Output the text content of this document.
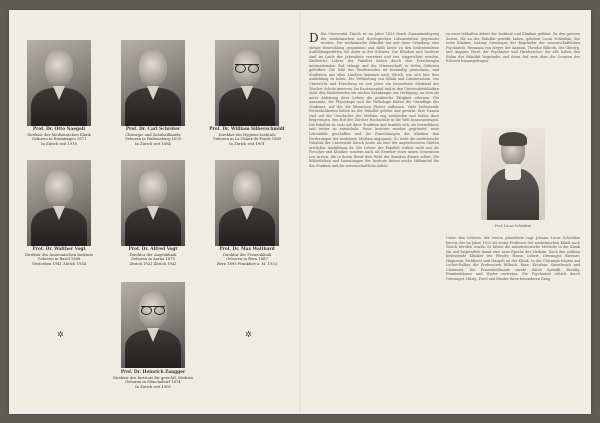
Prof. Dr. Otto Naegeli
Direktor der Medizinischen Klinik
Geboren in Ermatingen 1871
In Zürich seit 1918
Prof. Dr. Carl Schröter
Chirurgie und Zahnheilkunde
Geboren in Waltensburg 1855
In Zürich seit 1884
Prof. Dr. William Silberschmidt
Direktor des Hygiene-Instituts
Geboren in La Chaux-de-Fonds 1869
In Zürich seit 1901
Prof. Dr. Walther Vogt
Direktor der Anatomischen Instituts
Geboren in Basel 1888
Gestorben 1941 Zürich 1934
Prof. Dr. Alfred Vogt
Direktor der Augenklinik
Geboren in Aarau 1879
Zürich 1923 Zürich 1943
Prof. Dr. Max Walthard
Direktor der Frauenklinik
Geboren in Bern 1867
Bern 1895 Frankfurt a. M. 1933
✲
Prof. Dr. Heinrich Zangger
Direktor des Instituts für gerichtl. Medizin
Geboren in Mönchaltorf 1874
In Zürich seit 1905
✲
D Die Universität Zürich ist im Jahre 1833 durch Zusammenlegung der medizinischen und theologischen Lehranstalten gegründet worden. Die medizinische Fakultät hat seit ihrer Gründung eine stetige Entwicklung genommen und zählt heute zu den bedeutendsten Ausbildungsstätten für Ärzte in der Schweiz. Die Kliniken und Institute sind im Laufe der Jahrzehnte erweitert und neu eingerichtet worden. Zahlreiche Lehrer der Fakultät haben durch ihre Forschungen internationalen Ruf erlangt und die Wissenschaft in vielen Gebieten gefördert. Die Zahl der Studierenden ist beständig gewachsen, und Studenten aus allen Ländern kommen nach Zürich, um sich hier ihre Ausbildung zu holen. Die Verbindung von Klinik und Laboratorium, von Unterricht und Forschung ist seit jeher ein besonderes Merkmal der Zürcher Schule gewesen. Im Kantonsspital und in den Universitätskliniken steht den Studierenden ein reiches Krankengut zur Verfügung, an dem sie unter Anleitung ihrer Lehrer die praktische Tätigkeit erlernen. Die Anatomie, die Physiologie und die Pathologie bilden die Grundlage des Studiums, auf der die klinischen Fächer aufbauen. Viele bedeutende Persönlichkeiten haben an der Fakultät gelehrt und gewirkt. Ihre Namen sind mit der Geschichte der Medizin eng verbunden und haben dazu beigetragen, den Ruf der Zürcher Hochschule in die Welt hinauszutragen. Die Fakultät ist stolz auf diese Tradition und bemüht sich, sie fortzuführen und weiter zu entwickeln. Neue Institute wurden gegründet, neue Lehrstühle geschaffen und die Einrichtungen der Kliniken den Forderungen der modernen Medizin angepasst. So steht die medizinische Fakultät der Universität Zürich heute als eine der angesehensten Stätten ärztlicher Ausbildung da. Die Lehrer der Fakultät wirken nicht nur als Forscher und Kliniker, sondern auch als Erzieher einer neuen Generation von Ärzten, die in ihrem Beruf dem Wohl der Kranken dienen sollen. Die Bibliotheken und Sammlungen der Institute bieten reiche Hilfsmittel für das Studium und die wissenschaftliche Arbeit.
zu einer lebhaften Arbeit der Institute und Kliniken geführt. Zu den grossen Ärzten, die an der Fakultät gewirkt haben, gehören Lucas Schönlein, der erste Kliniker, Ludwig Griesinger, der Begründer der wissenschaftlichen Psychiatrie, Hermann von Meyer, der Anatom, Theodor Billroth, der Chirurg, und Auguste Forel, der Psychiater und Hirnforscher. Sie alle haben den Ruhm der Fakultät begründet und ihren Ruf weit über die Grenzen der Schweiz hinausgetragen.
Prof. Lucas Schönlein
Unter den Lehrern der ersten Jahrzehnte ragt Johann Lucas Schönlein hervor, der im Jahre 1833 als erster Professor der medizinischen Klinik nach Zürich berufen wurde. Er führte die naturhistorische Methode in die Klinik ein und begründete damit eine neue Epoche der Medizin. Nach ihm wirkten bedeutende Kliniker wie Pfeufer, Hasse, Lebert, Griesinger, Biermer, Huguenin, Eichhorst und Naegeli an der Klinik. In der Chirurgie folgten auf Locher-Balber die Professoren Billroth, Rose, Krönlein, Sauerbruch und Clairmont. Die Frauenheilkunde wurde durch Spöndli, Breisky, Frankenhäuser und Wyder vertreten. Die Psychiatrie erhielt durch Griesinger, Hitzig, Forel und Bleuler ihren besonderen Rang.
